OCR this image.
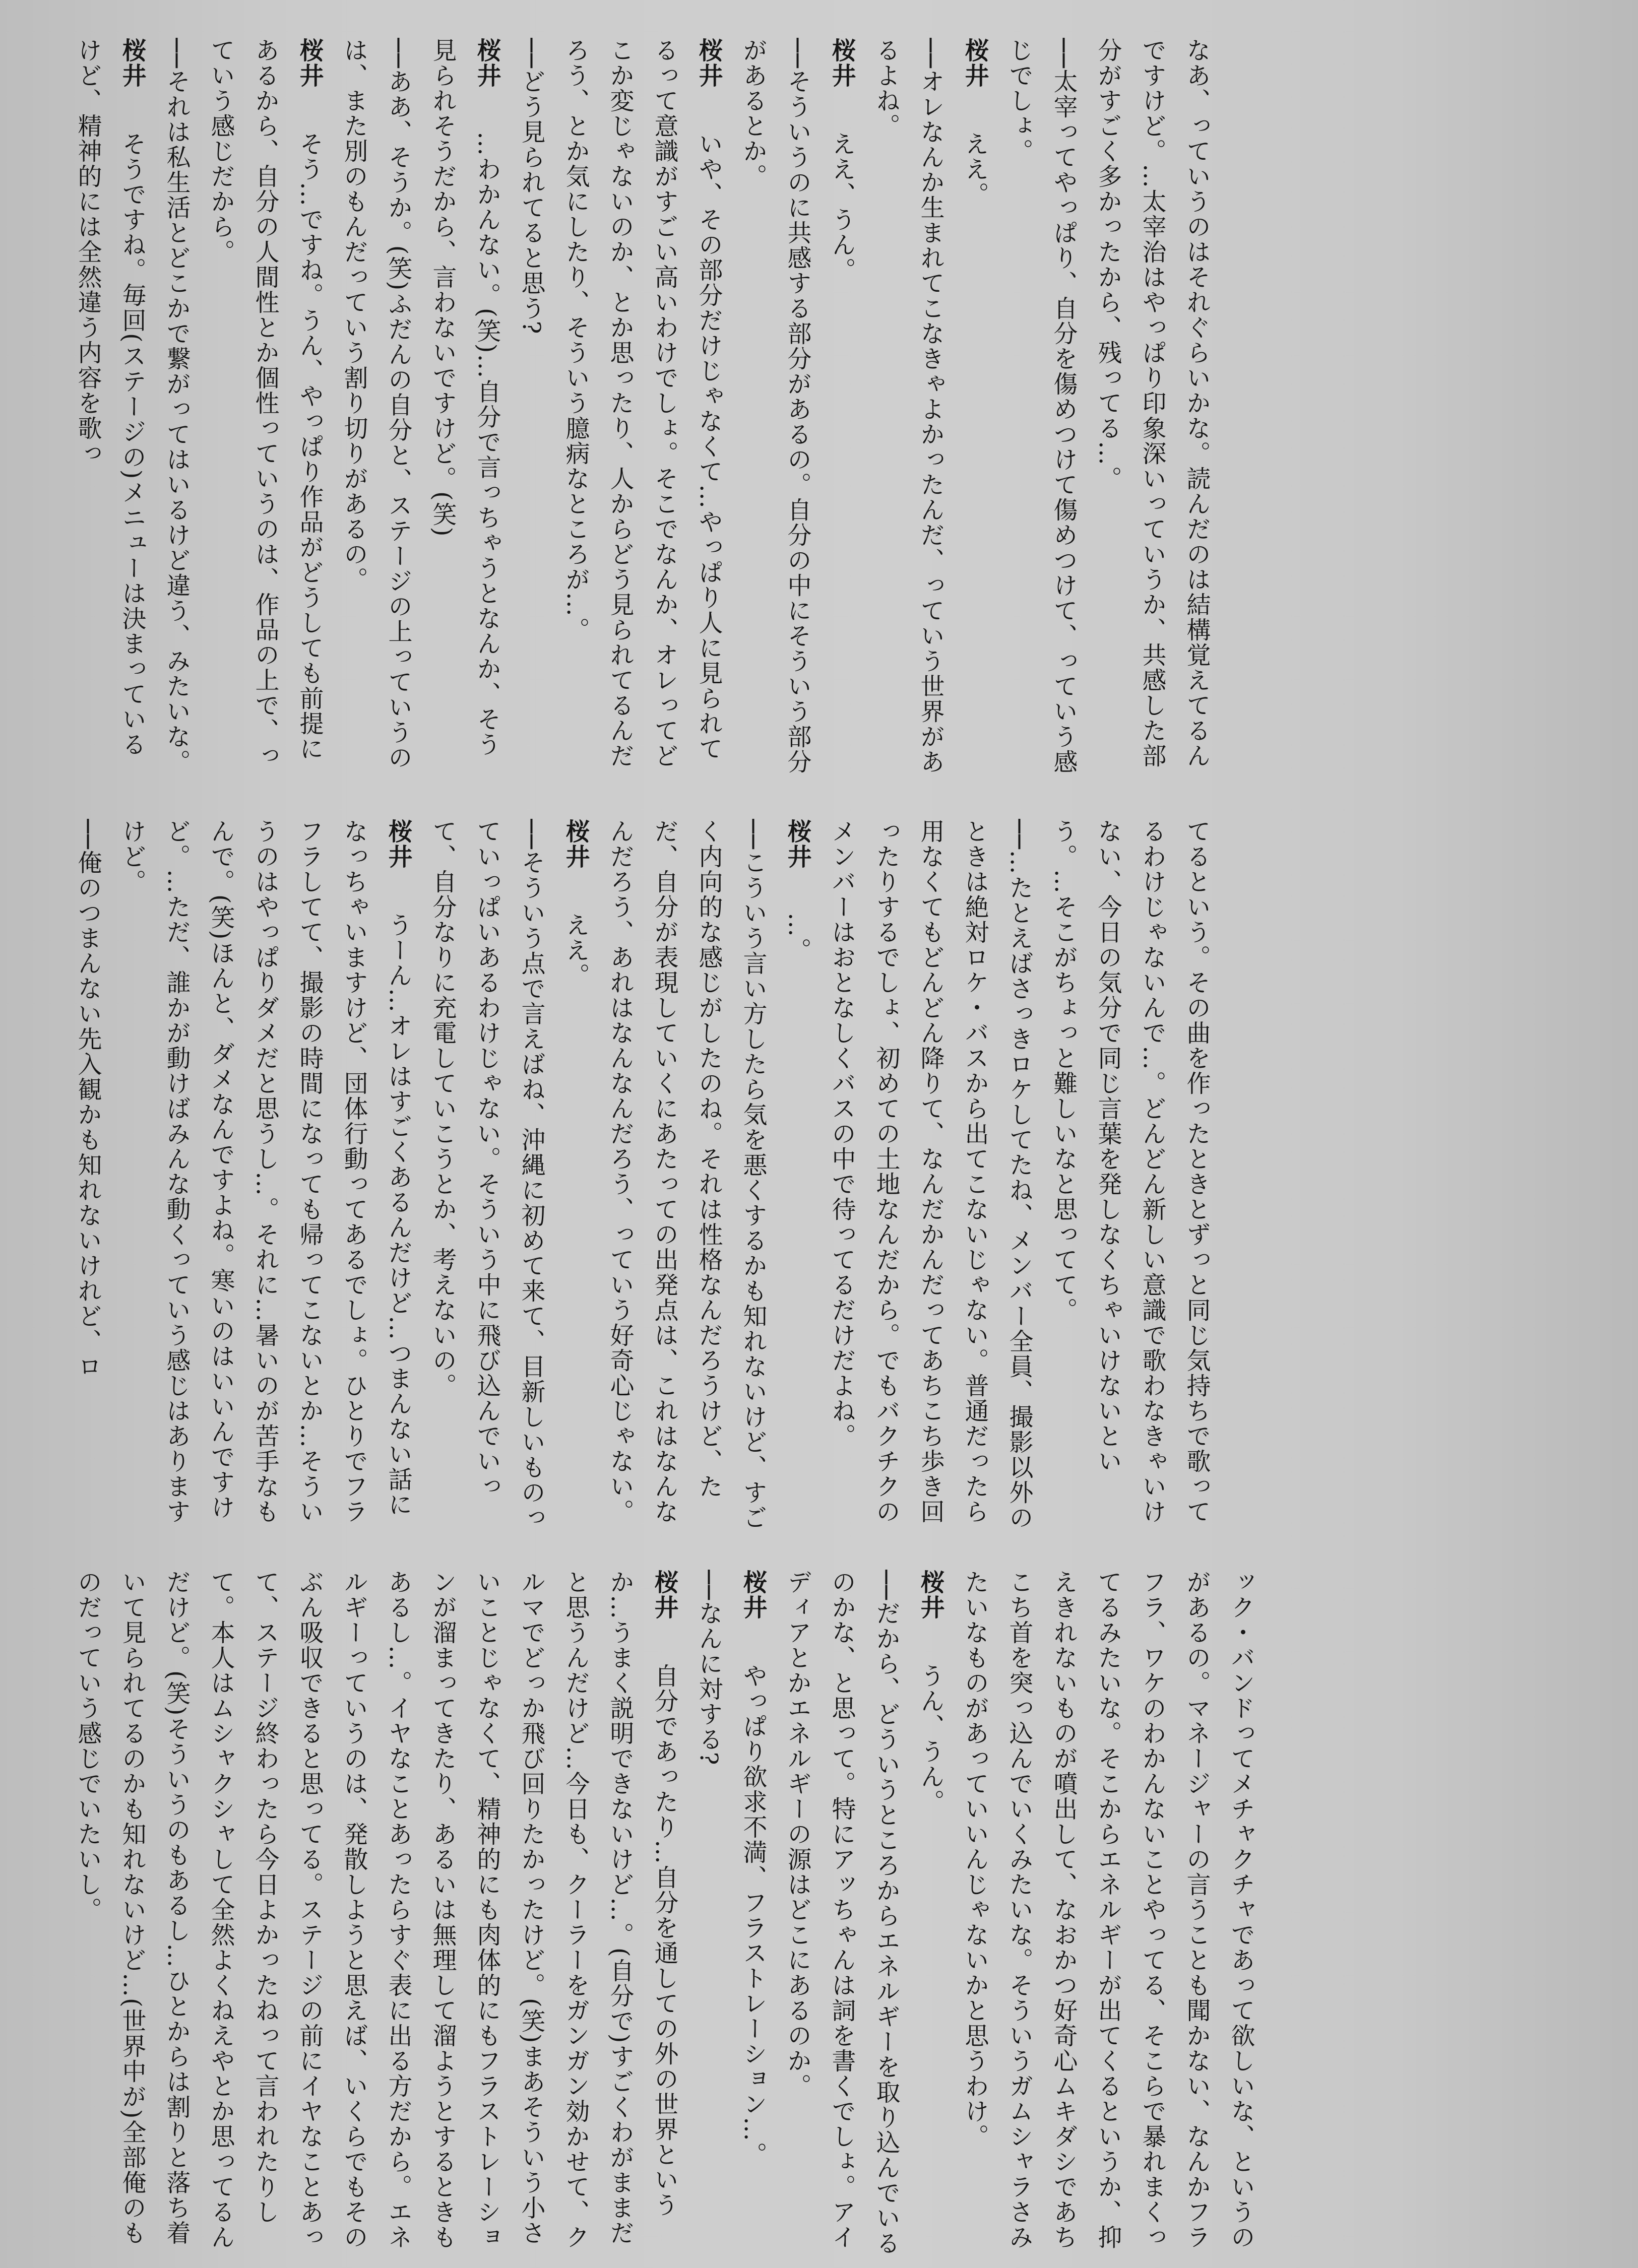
なあ、っていうのはそれぐらいかな。読んだのは結構覚えてるんですけど。…太宰治はやっぱり印象深いっていうか、共感した部分がすごく多かったから、残ってる…。

──太宰ってやっぱり、自分を傷めつけて傷めつけて、っていう感じでしょ。

桜井　ええ。

──オレなんか生まれてこなきゃよかったんだ、っていう世界があるよね。

桜井　ええ、うん。

──そういうのに共感する部分があるの。自分の中にそういう部分があるとか。

桜井　いや、その部分だけじゃなくて…やっぱり人に見られてるって意識がすごい高いわけでしょ。そこでなんか、オレってどこか変じゃないのか、とか思ったり、人からどう見られてるんだろう、とか気にしたり、そういう臆病なところが…。

──どう見られてると思う?

桜井　…わかんない。(笑)…自分で言っちゃうとなんか、そう見られそうだから、言わないですけど。(笑)

──ああ、そうか。(笑)ふだんの自分と、ステージの上っていうのは、また別のもんだっていう割り切りがあるの。

桜井　そう…ですね。うん、やっぱり作品がどうしても前提にあるから、自分の人間性とか個性っていうのは、作品の上で、っていう感じだから。

──それは私生活とどこかで繋がってはいるけど違う、みたいな。

桜井　そうですね。毎回(ステージの)メニューは決まっているけど、精神的には全然違う内容を歌っ

てるという。その曲を作ったときとずっと同じ気持ちで歌ってるわけじゃないんで…。どんどん新しい意識で歌わなきゃいけない、今日の気分で同じ言葉を発しなくちゃいけないという。…そこがちょっと難しいなと思ってて。

──…たとえばさっきロケしてたね、メンバー全員、撮影以外のときは絶対ロケ・バスから出てこないじゃない。普通だったら用なくてもどんどん降りて、なんだかんだってあちこち歩き回ったりするでしょ、初めての土地なんだから。でもバクチクのメンバーはおとなしくバスの中で待ってるだけだよね。

桜井　…。

──こういう言い方したら気を悪くするかも知れないけど、すごく内向的な感じがしたのね。それは性格なんだろうけど、ただ、自分が表現していくにあたっての出発点は、これはなんなんだろう、あれはなんなんだろう、っていう好奇心じゃない。

桜井　ええ。

──そういう点で言えばね、沖縄に初めて来て、目新しいものっていっぱいあるわけじゃない。そういう中に飛び込んでいって、自分なりに充電していこうとか、考えないの。

桜井　うーん…オレはすごくあるんだけど…つまんない話になっちゃいますけど、団体行動ってあるでしょ。ひとりでフラフラしてて、撮影の時間になっても帰ってこないとか…そういうのはやっぱりダメだと思うし…。それに…暑いのが苦手なもんで。(笑)ほんと、ダメなんですよね。寒いのはいいんですけど。…ただ、誰かが動けばみんな動くっていう感じはありますけど。

──俺のつまんない先入観かも知れないけれど、ロ

ック・バンドってメチャクチャであって欲しいな、というのがあるの。マネージャーの言うことも聞かない、なんかフラフラ、ワケのわかんないことやってる、そこらで暴れまくってるみたいな。そこからエネルギーが出てくるというか、抑えきれないものが噴出して、なおかつ好奇心ムキダシであちこち首を突っ込んでいくみたいな。そういうガムシャラさみたいなものがあっていいんじゃないかと思うわけ。

桜井　うん、うん。

──だから、どういうところからエネルギーを取り込んでいるのかな、と思って。特にアッちゃんは詞を書くでしょ。アイディアとかエネルギーの源はどこにあるのか。

桜井　やっぱり欲求不満、フラストレーション…。

──なんに対する?

桜井　自分であったり…自分を通しての外の世界というか…うまく説明できないけど…。(自分で)すごくわがままだと思うんだけど…今日も、クーラーをガンガン効かせて、クルマでどっか飛び回りたかったけど。(笑)まあそういう小さいことじゃなくて、精神的にも肉体的にもフラストレーションが溜まってきたり、あるいは無理して溜ようとするときもあるし…。イヤなことあったらすぐ表に出る方だから。エネルギーっていうのは、発散しようと思えば、いくらでもそのぶん吸収できると思ってる。ステージの前にイヤなことあって、ステージ終わったら今日よかったねって言われたりして。本人はムシャクシャして全然よくねえやとか思ってるんだけど。(笑)そういうのもあるし…ひとからは割りと落ち着いて見られてるのかも知れないけど…(世界中が)全部俺のものだっていう感じでいたいし。
